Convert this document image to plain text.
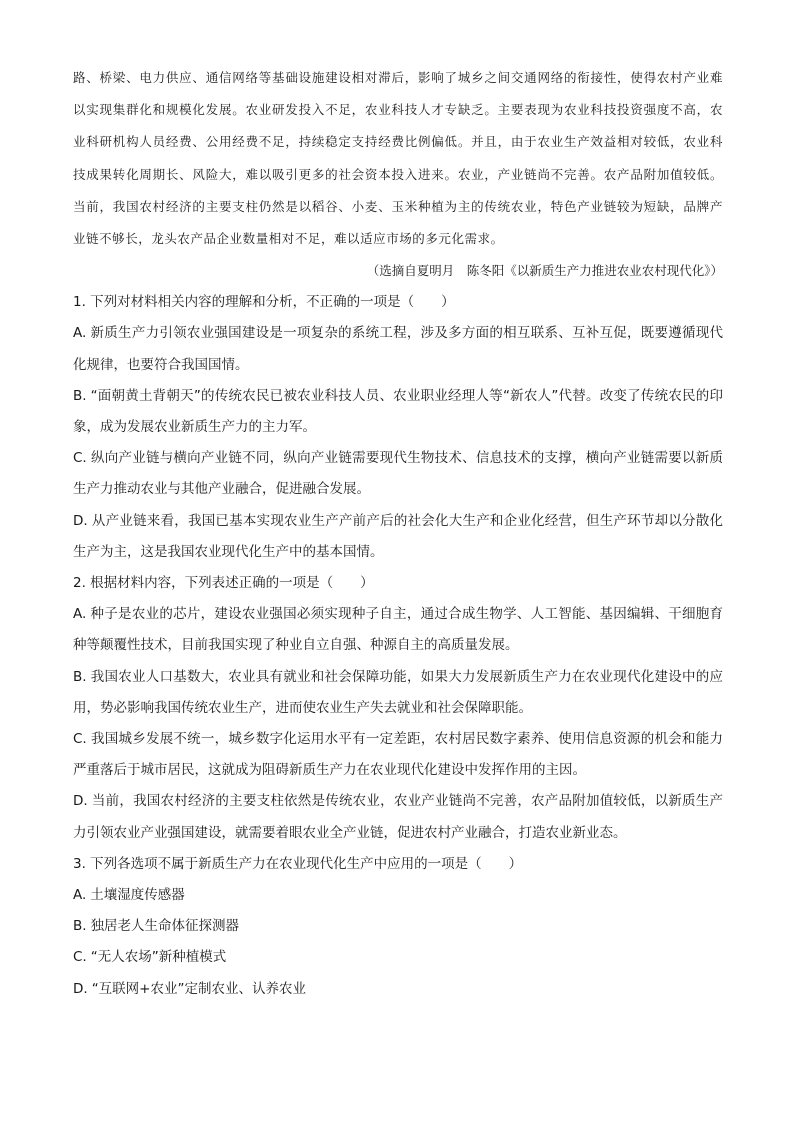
路、桥梁、电力供应、通信网络等基础设施建设相对滞后，影响了城乡之间交通网络的衔接性，使得农村产业难以实现集群化和规模化发展。农业研发投入不足，农业科技人才专缺乏。主要表现为农业科技投资强度不高，农业科研机构人员经费、公用经费不足，持续稳定支持经费比例偏低。并且，由于农业生产效益相对较低，农业科技成果转化周期长、风险大，难以吸引更多的社会资本投入进来。农业，产业链尚不完善。农产品附加值较低。当前，我国农村经济的主要支柱仍然是以稻谷、小麦、玉米种植为主的传统农业，特色产业链较为短缺，品牌产业链不够长，龙头农产品企业数量相对不足，难以适应市场的多元化需求。

（选摘自夏明月　陈冬阳《以新质生产力推进农业农村现代化》）

1. 下列对材料相关内容的理解和分析，不正确的一项是（　　）

A. 新质生产力引领农业强国建设是一项复杂的系统工程，涉及多方面的相互联系、互补互促，既要遵循现代化规律，也要符合我国国情。

B. “面朝黄土背朝天”的传统农民已被农业科技人员、农业职业经理人等“新农人”代替。改变了传统农民的印象，成为发展农业新质生产力的主力军。

C. 纵向产业链与横向产业链不同，纵向产业链需要现代生物技术、信息技术的支撑，横向产业链需要以新质生产力推动农业与其他产业融合，促进融合发展。

D. 从产业链来看，我国已基本实现农业生产产前产后的社会化大生产和企业化经营，但生产环节却以分散化生产为主，这是我国农业现代化生产中的基本国情。

2. 根据材料内容，下列表述正确的一项是（　　）

A. 种子是农业的芯片，建设农业强国必须实现种子自主，通过合成生物学、人工智能、基因编辑、干细胞育种等颠覆性技术，目前我国实现了种业自立自强、种源自主的高质量发展。

B. 我国农业人口基数大，农业具有就业和社会保障功能，如果大力发展新质生产力在农业现代化建设中的应用，势必影响我国传统农业生产，进而使农业生产失去就业和社会保障职能。

C. 我国城乡发展不统一，城乡数字化运用水平有一定差距，农村居民数字素养、使用信息资源的机会和能力严重落后于城市居民，这就成为阻碍新质生产力在农业现代化建设中发挥作用的主因。

D. 当前，我国农村经济的主要支柱依然是传统农业，农业产业链尚不完善，农产品附加值较低，以新质生产力引领农业产业强国建设，就需要着眼农业全产业链，促进农村产业融合，打造农业新业态。

3. 下列各选项不属于新质生产力在农业现代化生产中应用的一项是（　　）

A. 土壤湿度传感器

B. 独居老人生命体征探测器

C. “无人农场”新种植模式

D. “互联网+农业”定制农业、认养农业
